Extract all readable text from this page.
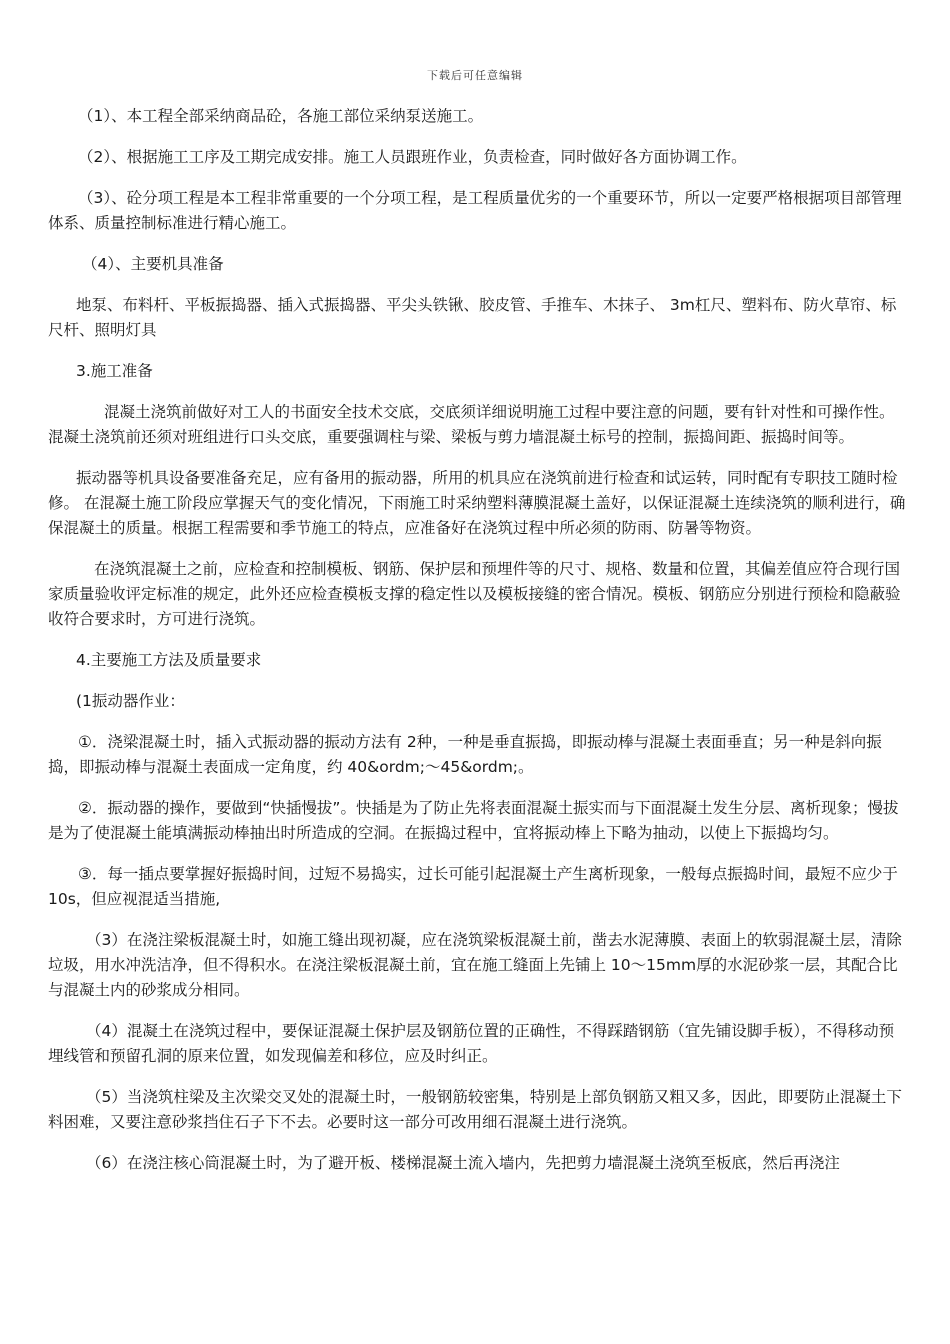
下载后可任意编辑

（1）、本工程全部采纳商品砼，各施工部位采纳泵送施工。

（2）、根据施工工序及工期完成安排。施工人员跟班作业，负责检查，同时做好各方面协调工作。

（3）、砼分项工程是本工程非常重要的一个分项工程，是工程质量优劣的一个重要环节，所以一定要严格根据项目部管理体系、质量控制标准进行精心施工。

（4）、主要机具准备

地泵、布料杆、平板振捣器、插入式振捣器、平尖头铁锹、胶皮管、手推车、木抹子、 3m杠尺、塑料布、防火草帘、标尺杆、照明灯具

3.施工准备

混凝土浇筑前做好对工人的书面安全技术交底，交底须详细说明施工过程中要注意的问题，要有针对性和可操作性。混凝土浇筑前还须对班组进行口头交底，重要强调柱与梁、梁板与剪力墙混凝土标号的控制，振捣间距、振捣时间等。

振动器等机具设备要准备充足，应有备用的振动器，所用的机具应在浇筑前进行检查和试运转，同时配有专职技工随时检修。 在混凝土施工阶段应掌握天气的变化情况，下雨施工时采纳塑料薄膜混凝土盖好，以保证混凝土连续浇筑的顺利进行，确保混凝土的质量。根据工程需要和季节施工的特点，应准备好在浇筑过程中所必须的防雨、防暑等物资。

在浇筑混凝土之前，应检查和控制模板、钢筋、保护层和预埋件等的尺寸、规格、数量和位置，其偏差值应符合现行国家质量验收评定标准的规定，此外还应检查模板支撑的稳定性以及模板接缝的密合情况。模板、钢筋应分别进行预检和隐蔽验收符合要求时，方可进行浇筑。

4.主要施工方法及质量要求

(1振动器作业：

①．浇梁混凝土时，插入式振动器的振动方法有 2种，一种是垂直振捣，即振动棒与混凝土表面垂直；另一种是斜向振捣，即振动棒与混凝土表面成一定角度，约 40&ordm;～45&ordm;。

②．振动器的操作，要做到“快插慢拔”。快插是为了防止先将表面混凝土振实而与下面混凝土发生分层、离析现象；慢拔是为了使混凝土能填满振动棒抽出时所造成的空洞。在振捣过程中，宜将振动棒上下略为抽动，以使上下振捣均匀。

③．每一插点要掌握好振捣时间，过短不易捣实，过长可能引起混凝土产生离析现象，一般每点振捣时间，最短不应少于 10s，但应视混适当措施,

（3）在浇注梁板混凝土时，如施工缝出现初凝，应在浇筑梁板混凝土前，凿去水泥薄膜、表面上的软弱混凝土层，清除垃圾，用水冲洗洁净，但不得积水。在浇注梁板混凝土前，宜在施工缝面上先铺上 10～15mm厚的水泥砂浆一层，其配合比与混凝土内的砂浆成分相同。

（4）混凝土在浇筑过程中，要保证混凝土保护层及钢筋位置的正确性，不得踩踏钢筋（宜先铺设脚手板），不得移动预埋线管和预留孔洞的原来位置，如发现偏差和移位，应及时纠正。

（5）当浇筑柱梁及主次梁交叉处的混凝土时，一般钢筋较密集，特别是上部负钢筋又粗又多，因此，即要防止混凝土下料困难，又要注意砂浆挡住石子下不去。必要时这一部分可改用细石混凝土进行浇筑。

（6）在浇注核心筒混凝土时，为了避开板、楼梯混凝土流入墙内，先把剪力墙混凝土浇筑至板底，然后再浇注
